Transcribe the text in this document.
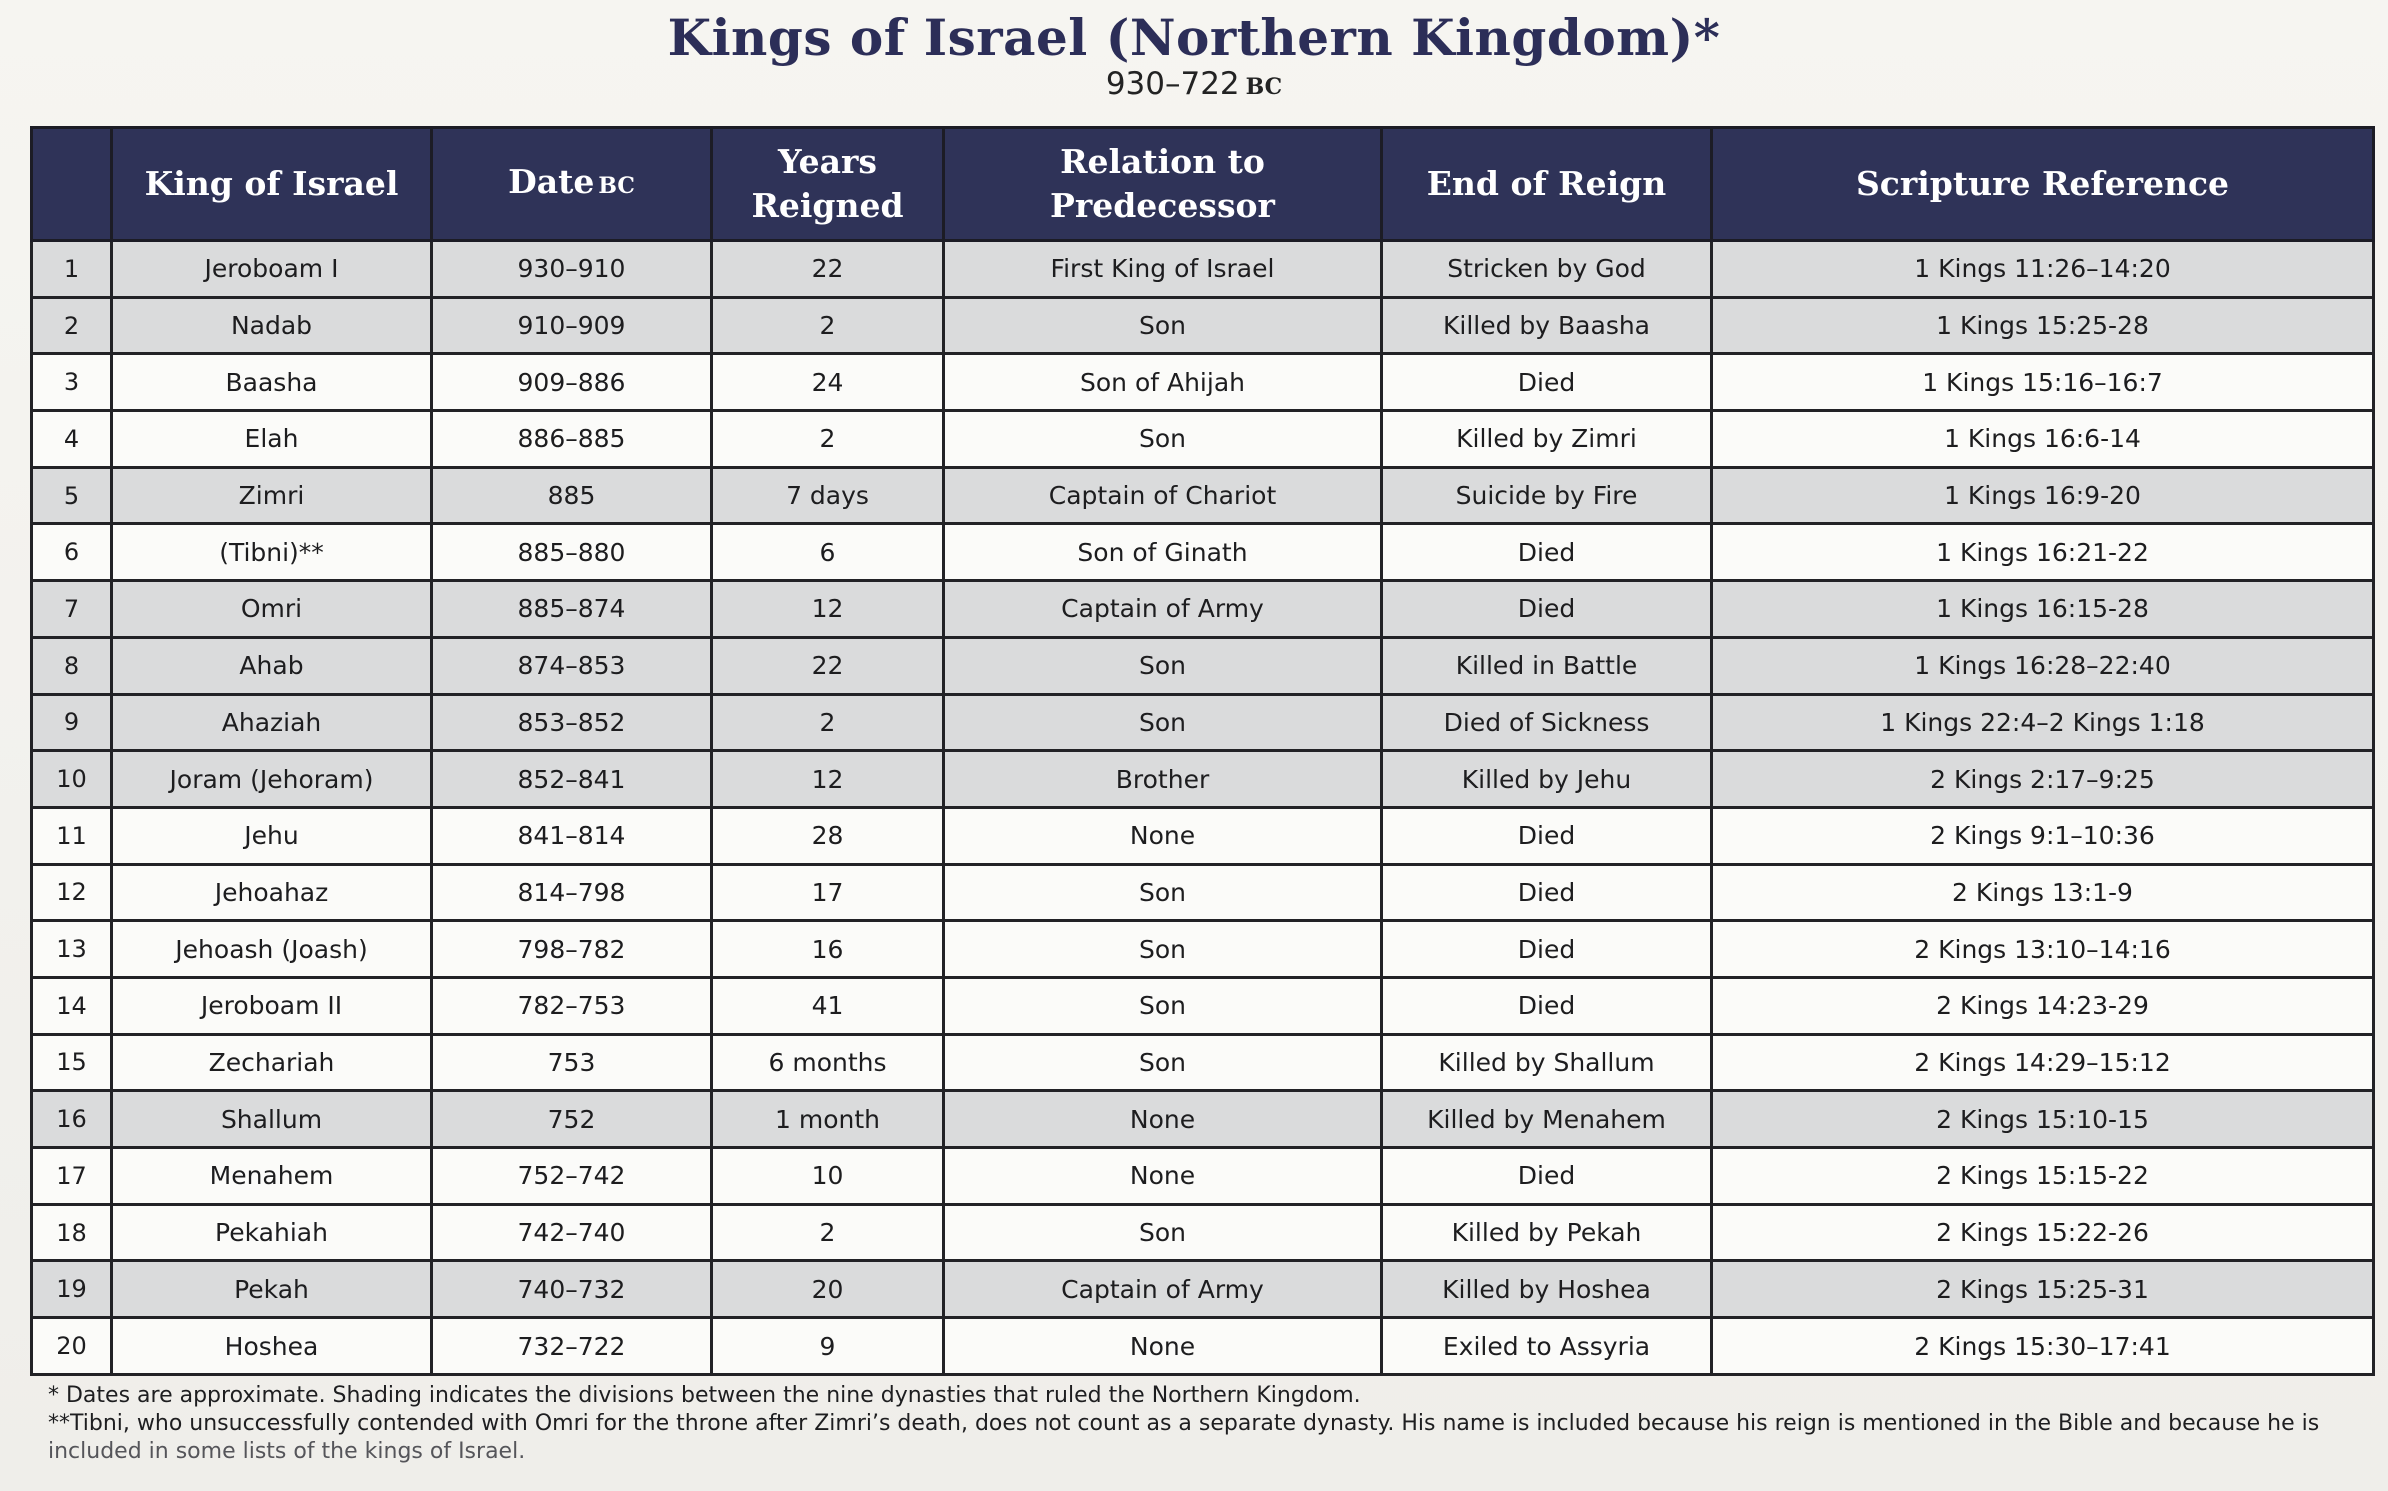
Kings of Israel (Northern Kingdom)*
930–722 BC
	King of Israel	Date BC	Years Reigned	Relation to Predecessor	End of Reign	Scripture Reference
1	Jeroboam I	930–910	22	First King of Israel	Stricken by God	1 Kings 11:26–14:20
2	Nadab	910–909	2	Son	Killed by Baasha	1 Kings 15:25-28
3	Baasha	909–886	24	Son of Ahijah	Died	1 Kings 15:16–16:7
4	Elah	886–885	2	Son	Killed by Zimri	1 Kings 16:6-14
5	Zimri	885	7 days	Captain of Chariot	Suicide by Fire	1 Kings 16:9-20
6	(Tibni)**	885–880	6	Son of Ginath	Died	1 Kings 16:21-22
7	Omri	885–874	12	Captain of Army	Died	1 Kings 16:15-28
8	Ahab	874–853	22	Son	Killed in Battle	1 Kings 16:28–22:40
9	Ahaziah	853–852	2	Son	Died of Sickness	1 Kings 22:4–2 Kings 1:18
10	Joram (Jehoram)	852–841	12	Brother	Killed by Jehu	2 Kings 2:17–9:25
11	Jehu	841–814	28	None	Died	2 Kings 9:1–10:36
12	Jehoahaz	814–798	17	Son	Died	2 Kings 13:1-9
13	Jehoash (Joash)	798–782	16	Son	Died	2 Kings 13:10–14:16
14	Jeroboam II	782–753	41	Son	Died	2 Kings 14:23-29
15	Zechariah	753	6 months	Son	Killed by Shallum	2 Kings 14:29–15:12
16	Shallum	752	1 month	None	Killed by Menahem	2 Kings 15:10-15
17	Menahem	752–742	10	None	Died	2 Kings 15:15-22
18	Pekahiah	742–740	2	Son	Killed by Pekah	2 Kings 15:22-26
19	Pekah	740–732	20	Captain of Army	Killed by Hoshea	2 Kings 15:25-31
20	Hoshea	732–722	9	None	Exiled to Assyria	2 Kings 15:30–17:41
* Dates are approximate. Shading indicates the divisions between the nine dynasties that ruled the Northern Kingdom.
**Tibni, who unsuccessfully contended with Omri for the throne after Zimri’s death, does not count as a separate dynasty. His name is included because his reign is mentioned in the Bible and because he is
included in some lists of the kings of Israel.
